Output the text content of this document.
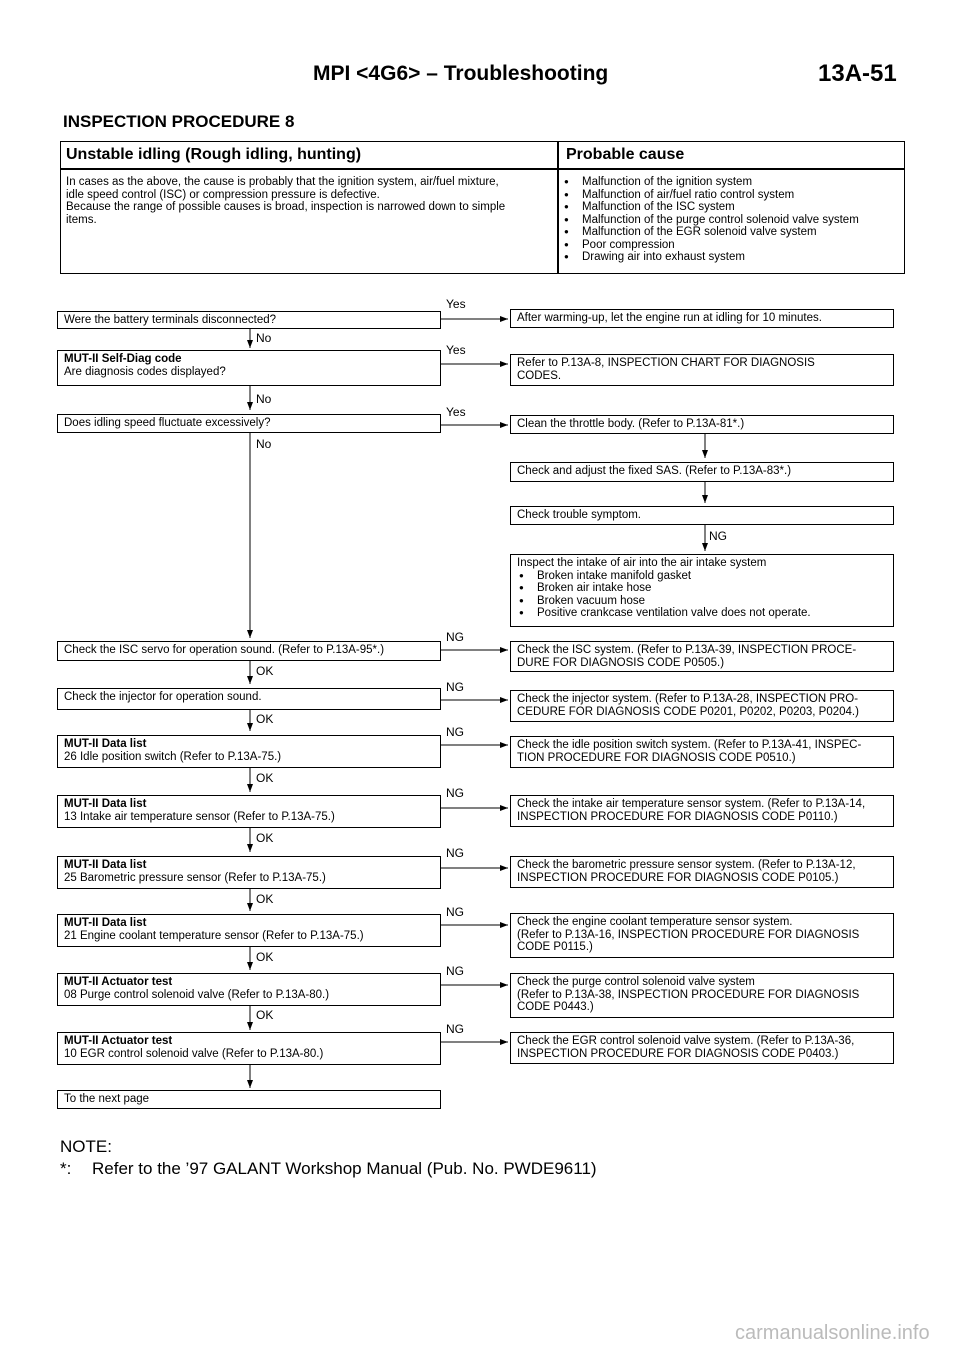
MPI <4G6> – Troubleshooting	13A-51
INSPECTION PROCEDURE 8
Unstable idling (Rough idling, hunting)	Probable cause
In cases as the above, the cause is probably that the ignition system, air/fuel mixture,
idle speed control (ISC) or compression pressure is defective.
Because the range of possible causes is broad, inspection is narrowed down to simple
items.
● Malfunction of the ignition system
● Malfunction of air/fuel ratio control system
● Malfunction of the ISC system
● Malfunction of the purge control solenoid valve system
● Malfunction of the EGR solenoid valve system
● Poor compression
● Drawing air into exhaust system
Were the battery terminals disconnected?
MUT-II Self-Diag code
Are diagnosis codes displayed?
Does idling speed fluctuate excessively?
Check the ISC servo for operation sound. (Refer to P.13A-95*.)
Check the injector for operation sound.
MUT-II Data list
26 Idle position switch (Refer to P.13A-75.)
MUT-II Data list
13 Intake air temperature sensor (Refer to P.13A-75.)
MUT-II Data list
25 Barometric pressure sensor (Refer to P.13A-75.)
MUT-II Data list
21 Engine coolant temperature sensor (Refer to P.13A-75.)
MUT-II Actuator test
08 Purge control solenoid valve (Refer to P.13A-80.)
MUT-II Actuator test
10 EGR control solenoid valve (Refer to P.13A-80.)
To the next page
After warming-up, let the engine run at idling for 10 minutes.
Refer to P.13A-8, INSPECTION CHART FOR DIAGNOSIS
CODES.
Clean the throttle body. (Refer to P.13A-81*.)
Check and adjust the fixed SAS. (Refer to P.13A-83*.)
Check trouble symptom.
Inspect the intake of air into the air intake system
● Broken intake manifold gasket
● Broken air intake hose
● Broken vacuum hose
● Positive crankcase ventilation valve does not operate.
Check the ISC system. (Refer to P.13A-39, INSPECTION PROCE-
DURE FOR DIAGNOSIS CODE P0505.)
Check the injector system. (Refer to P.13A-28, INSPECTION PRO-
CEDURE FOR DIAGNOSIS CODE P0201, P0202, P0203, P0204.)
Check the idle position switch system. (Refer to P.13A-41, INSPEC-
TION PROCEDURE FOR DIAGNOSIS CODE P0510.)
Check the intake air temperature sensor system. (Refer to P.13A-14,
INSPECTION PROCEDURE FOR DIAGNOSIS CODE P0110.)
Check the barometric pressure sensor system. (Refer to P.13A-12,
INSPECTION PROCEDURE FOR DIAGNOSIS CODE P0105.)
Check the engine coolant temperature sensor system.
(Refer to P.13A-16, INSPECTION PROCEDURE FOR DIAGNOSIS
CODE P0115.)
Check the purge control solenoid valve system
(Refer to P.13A-38, INSPECTION PROCEDURE FOR DIAGNOSIS
CODE P0443.)
Check the EGR control solenoid valve system. (Refer to P.13A-36,
INSPECTION PROCEDURE FOR DIAGNOSIS CODE P0403.)
Yes
Yes
Yes
No
No
No
NG
NG
NG
NG
NG
NG
NG
NG
NG
OK
OK
OK
OK
OK
OK
OK
NOTE:
*: Refer to the ’97 GALANT Workshop Manual (Pub. No. PWDE9611)
carmanualsonline.info
